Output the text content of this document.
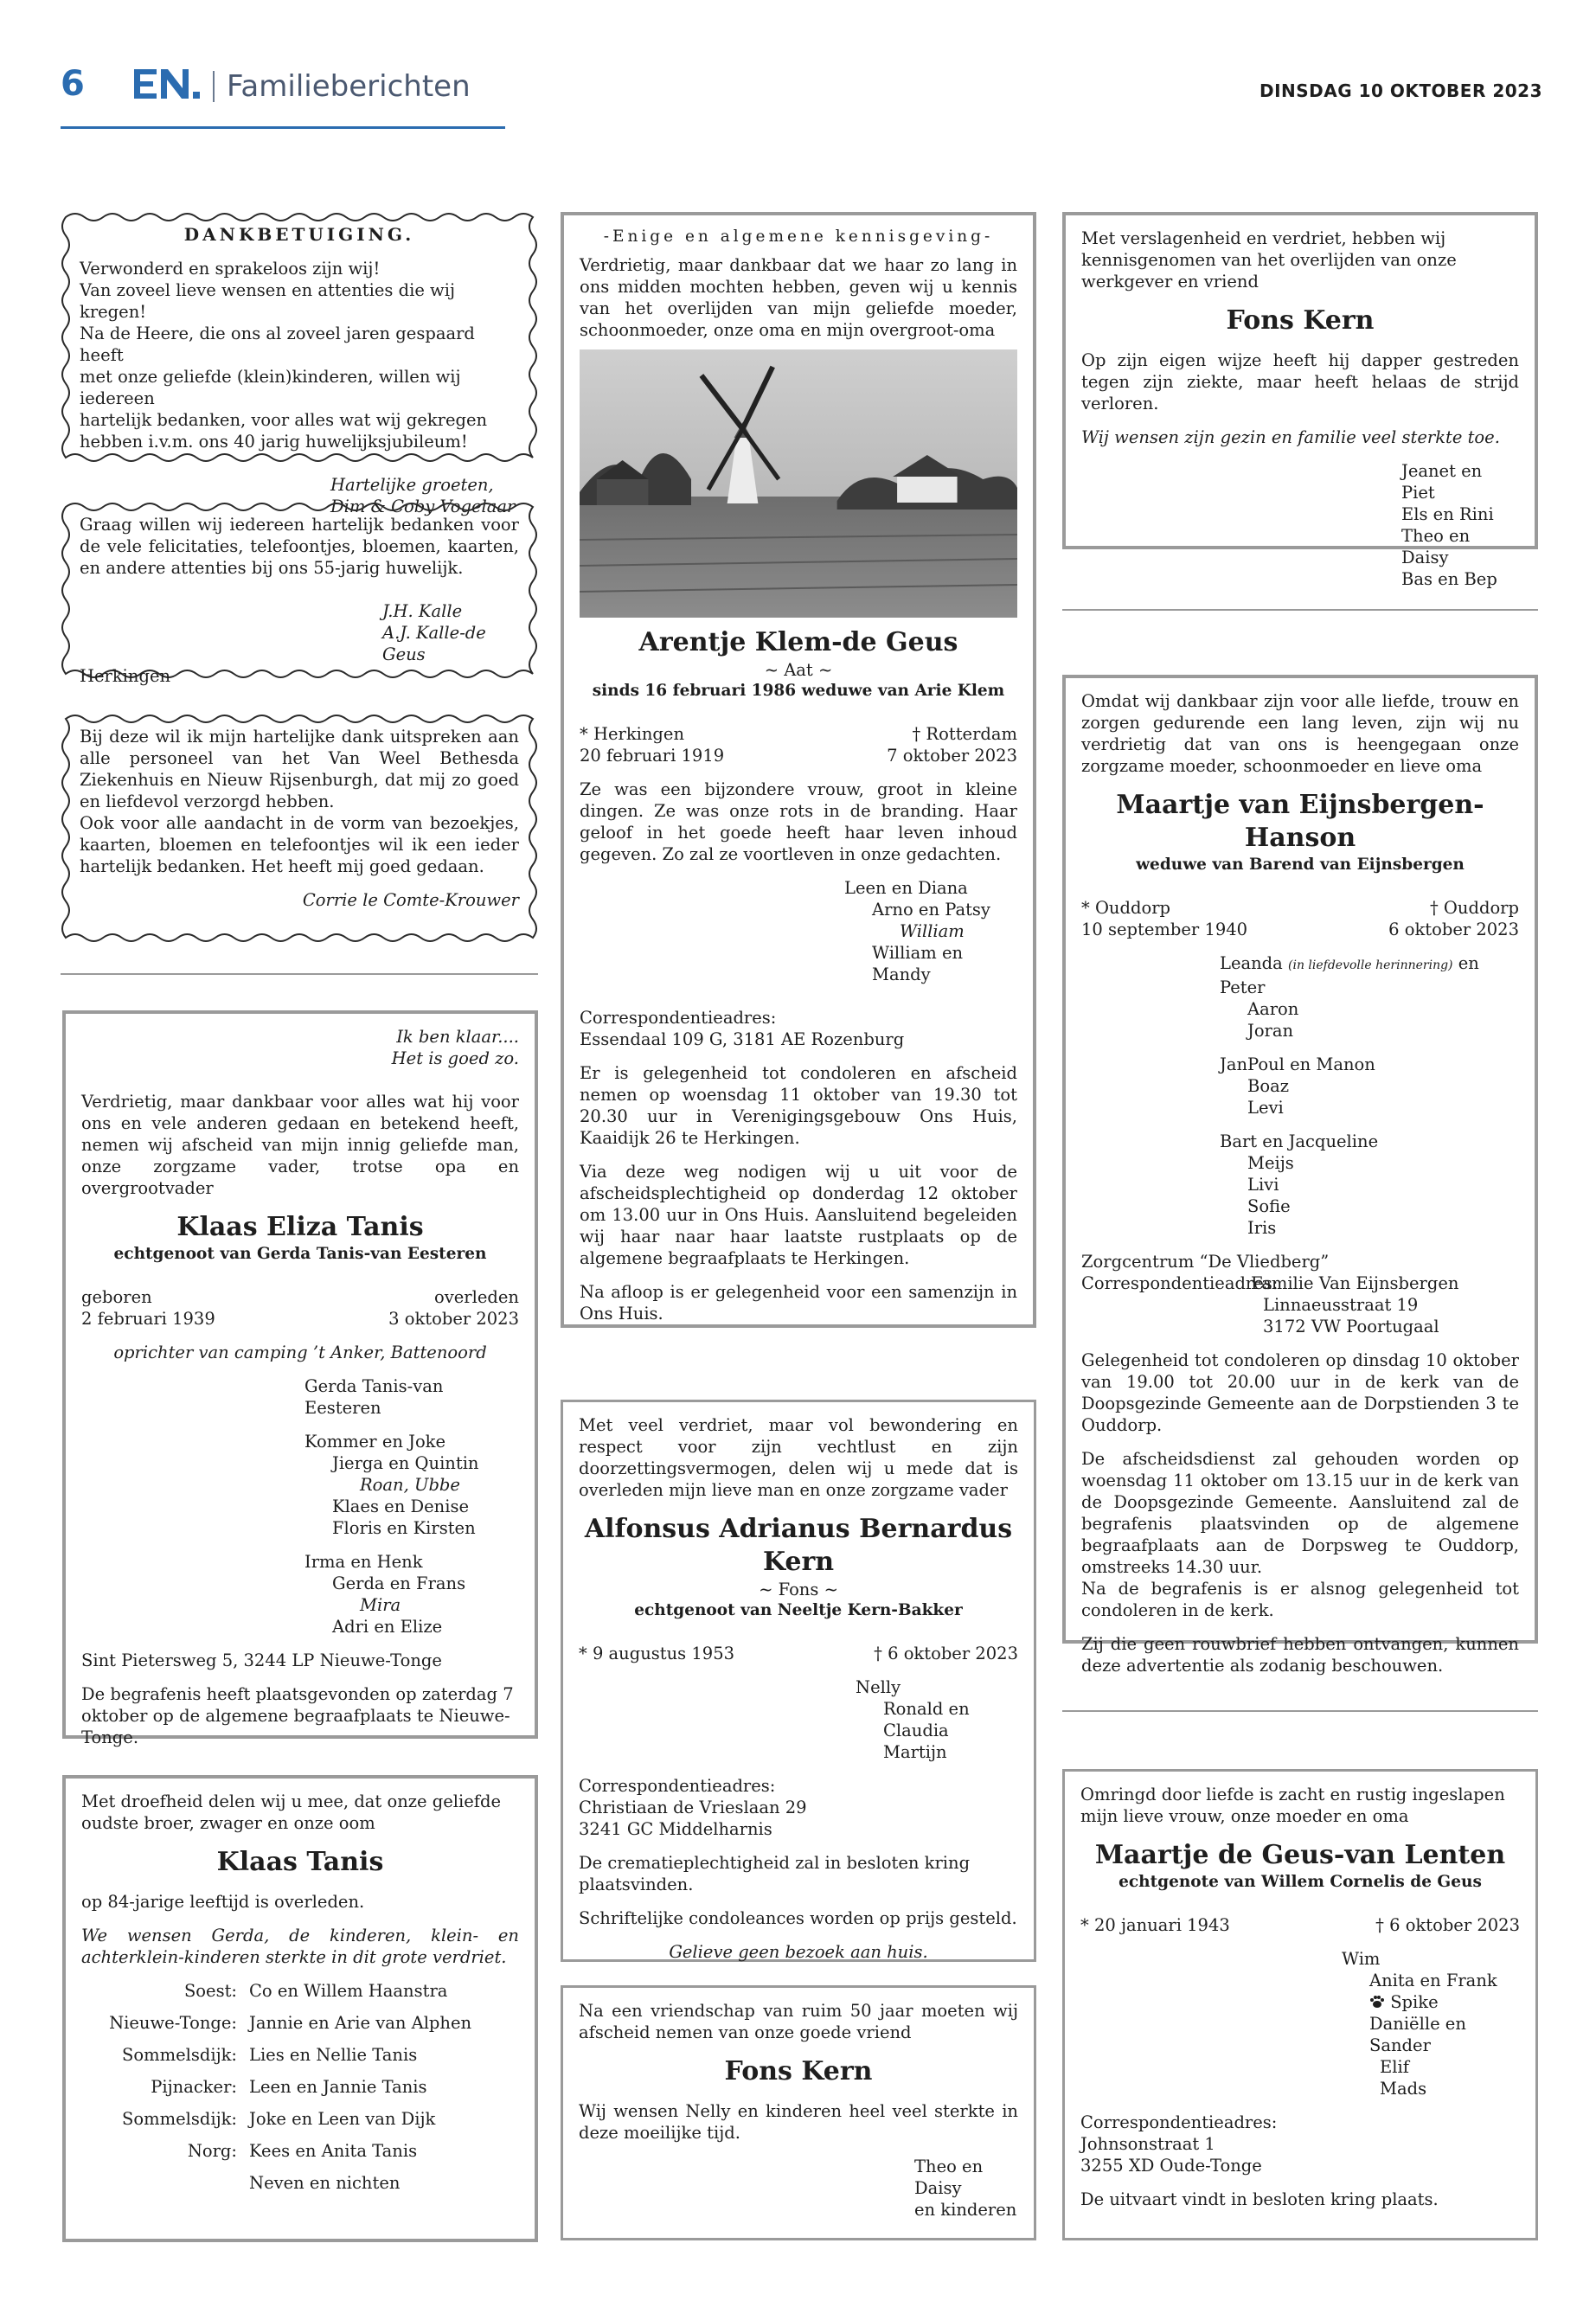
6	Familieberichten	DINSDAG 10 OKTOBER 2023

DANKBETUIGING.

Verwonderd en sprakeloos zijn wij!

Van zoveel lieve wensen en attenties die wij kregen!

Na de Heere, die ons al zoveel jaren gespaard heeft

met onze geliefde (klein)kinderen, willen wij iedereen

hartelijk bedanken, voor alles wat wij gekregen

hebben i.v.m. ons 40 jarig huwelijksjubileum!

Hartelijke groeten,

Dim & Coby Vogelaar

Graag willen wij iedereen hartelijk bedanken voor de vele felicitaties, telefoontjes, bloemen, kaarten, en andere attenties bij ons 55-jarig huwelijk.

J.H. Kalle

A.J. Kalle-de Geus

Herkingen

Bij deze wil ik mijn hartelijke dank uitspreken aan alle personeel van het Van Weel Bethesda Ziekenhuis en Nieuw Rijsenburgh, dat mij zo goed en liefdevol verzorgd hebben.

Ook voor alle aandacht in de vorm van bezoekjes, kaarten, bloemen en telefoontjes wil ik een ieder hartelijk bedanken. Het heeft mij goed gedaan.

Corrie le Comte-Krouwer

Ik ben klaar....

Het is goed zo.

Verdrietig, maar dankbaar voor alles wat hij voor ons en vele anderen gedaan en betekend heeft, nemen wij afscheid van mijn innig geliefde man, onze zorgzame vader, trotse opa en overgrootvader

Klaas Eliza Tanis

echtgenoot van Gerda Tanis-van Eesteren

geboren	overleden
2 februari 1939	3 oktober 2023

oprichter van camping ’t Anker, Battenoord

Gerda Tanis-van Eesteren

Kommer en Joke

Jierga en Quintin

Roan, Ubbe

Klaes en Denise

Floris en Kirsten

Irma en Henk

Gerda en Frans

Mira

Adri en Elize

Sint Pietersweg 5, 3244 LP Nieuwe-Tonge

De begrafenis heeft plaatsgevonden op zaterdag 7 oktober op de algemene begraafplaats te Nieuwe-Tonge.

Met droefheid delen wij u mee, dat onze geliefde oudste broer, zwager en onze oom

Klaas Tanis

op 84-jarige leeftijd is overleden.

We wensen Gerda, de kinderen, klein- en achterklein-kinderen sterkte in dit grote verdriet.

Soest: Co en Willem Haanstra
Nieuwe-Tonge: Jannie en Arie van Alphen
Sommelsdijk: Lies en Nellie Tanis
Pijnacker: Leen en Jannie Tanis
Sommelsdijk: Joke en Leen van Dijk
Norg: Kees en Anita Tanis
Neven en nichten

-Enige en algemene kennisgeving-

Verdrietig, maar dankbaar dat we haar zo lang in ons midden mochten hebben, geven wij u kennis van het overlijden van mijn geliefde moeder, schoonmoeder, onze oma en mijn overgroot-oma

Arentje Klem-de Geus

~ Aat ~

sinds 16 februari 1986 weduwe van Arie Klem

* Herkingen	† Rotterdam
20 februari 1919	7 oktober 2023

Ze was een bijzondere vrouw, groot in kleine dingen. Ze was onze rots in de branding. Haar geloof in het goede heeft haar leven inhoud gegeven. Zo zal ze voortleven in onze gedachten.

Leen en Diana

Arno en Patsy

William

William en Mandy

Correspondentieadres:

Essendaal 109 G, 3181 AE Rozenburg

Er is gelegenheid tot condoleren en afscheid nemen op woensdag 11 oktober van 19.30 tot 20.30 uur in Verenigingsgebouw Ons Huis, Kaaidijk 26 te Herkingen.

Via deze weg nodigen wij u uit voor de afscheidsplechtigheid op donderdag 12 oktober om 13.00 uur in Ons Huis. Aansluitend begeleiden wij haar naar haar laatste rustplaats op de algemene begraafplaats te Herkingen.

Na afloop is er gelegenheid voor een samenzijn in Ons Huis.

Met veel verdriet, maar vol bewondering en respect voor zijn vechtlust en zijn doorzettingsvermogen, delen wij u mede dat is overleden mijn lieve man en onze zorgzame vader

Alfonsus Adrianus Bernardus Kern

~ Fons ~

echtgenoot van Neeltje Kern-Bakker

* 9 augustus 1953	† 6 oktober 2023

Nelly

Ronald en Claudia

Martijn

Correspondentieadres:

Christiaan de Vrieslaan 29

3241 GC Middelharnis

De crematieplechtigheid zal in besloten kring plaatsvinden.

Schriftelijke condoleances worden op prijs gesteld.

Gelieve geen bezoek aan huis.

Na een vriendschap van ruim 50 jaar moeten wij afscheid nemen van onze goede vriend

Fons Kern

Wij wensen Nelly en kinderen heel veel sterkte in deze moeilijke tijd.

Theo en Daisy

en kinderen

Met verslagenheid en verdriet, hebben wij kennisgenomen van het overlijden van onze werkgever en vriend

Fons Kern

Op zijn eigen wijze heeft hij dapper gestreden tegen zijn ziekte, maar heeft helaas de strijd verloren.

Wij wensen zijn gezin en familie veel sterkte toe.

Jeanet en Piet

Els en Rini

Theo en Daisy

Bas en Bep

Omdat wij dankbaar zijn voor alle liefde, trouw en zorgen gedurende een lang leven, zijn wij nu verdrietig dat van ons is heengegaan onze zorgzame moeder, schoonmoeder en lieve oma

Maartje van Eijnsbergen-Hanson

weduwe van Barend van Eijnsbergen

* Ouddorp	† Ouddorp
10 september 1940	6 oktober 2023

Leanda (in liefdevolle herinnering) en Peter

Aaron

Joran

JanPoul en Manon

Boaz

Levi

Bart en Jacqueline

Meijs

Livi

Sofie

Iris

Zorgcentrum “De Vliedberg”

Correspondentieadres:
Familie Van Eijnsbergen
Linnaeusstraat 19
3172 VW Poortugaal

Gelegenheid tot condoleren op dinsdag 10 oktober van 19.00 tot 20.00 uur in de kerk van de Doopsgezinde Gemeente aan de Dorpstienden 3 te Ouddorp.

De afscheidsdienst zal gehouden worden op woensdag 11 oktober om 13.15 uur in de kerk van de Doopsgezinde Gemeente. Aansluitend zal de begrafenis plaatsvinden op de algemene begraafplaats aan de Dorpsweg te Ouddorp, omstreeks 14.30 uur.

Na de begrafenis is er alsnog gelegenheid tot condoleren in de kerk.

Zij die geen rouwbrief hebben ontvangen, kunnen deze advertentie als zodanig beschouwen.

Omringd door liefde is zacht en rustig ingeslapen mijn lieve vrouw, onze moeder en oma

Maartje de Geus-van Lenten

echtgenote van Willem Cornelis de Geus

* 20 januari 1943	† 6 oktober 2023

Wim

Anita en Frank

Spike

Daniëlle en Sander

Elif

Mads

Correspondentieadres:

Johnsonstraat 1

3255 XD Oude-Tonge

De uitvaart vindt in besloten kring plaats.
